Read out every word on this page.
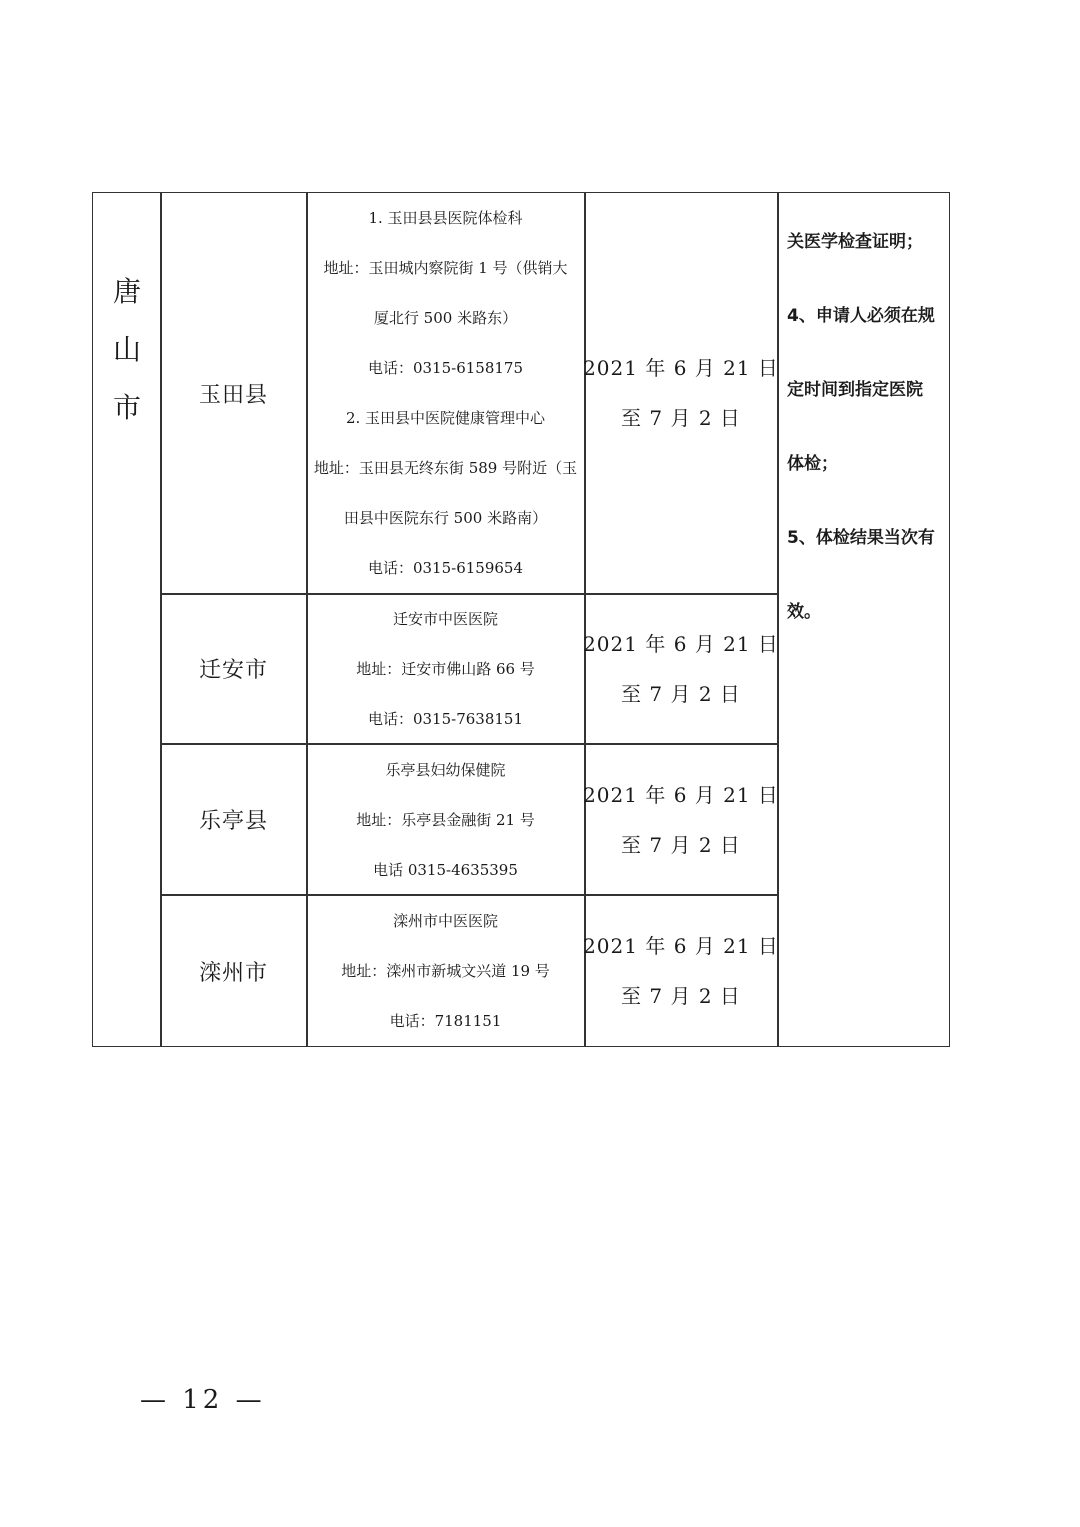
唐
山
市	玉田县
1. 玉田县县医院体检科
地址：玉田城内察院街 1 号（供销大
厦北行 500 米路东）
电话：0315-6158175
2. 玉田县中医院健康管理中心
地址：玉田县无终东街 589 号附近（玉
田县中医院东行 500 米路南）
电话：0315-6159654
2021 年 6 月 21 日
至 7 月 2 日
迁安市
迁安市中医医院
地址：迁安市佛山路 66 号
电话：0315-7638151
2021 年 6 月 21 日
至 7 月 2 日
乐亭县
乐亭县妇幼保健院
地址：乐亭县金融街 21 号
电话 0315-4635395
2021 年 6 月 21 日
至 7 月 2 日
滦州市
滦州市中医医院
地址：滦州市新城文兴道 19 号
电话：7181151
2021 年 6 月 21 日
至 7 月 2 日
关医学检查证明；
4、申请人必须在规
定时间到指定医院
体检；
5、体检结果当次有
效。
— 12 —
